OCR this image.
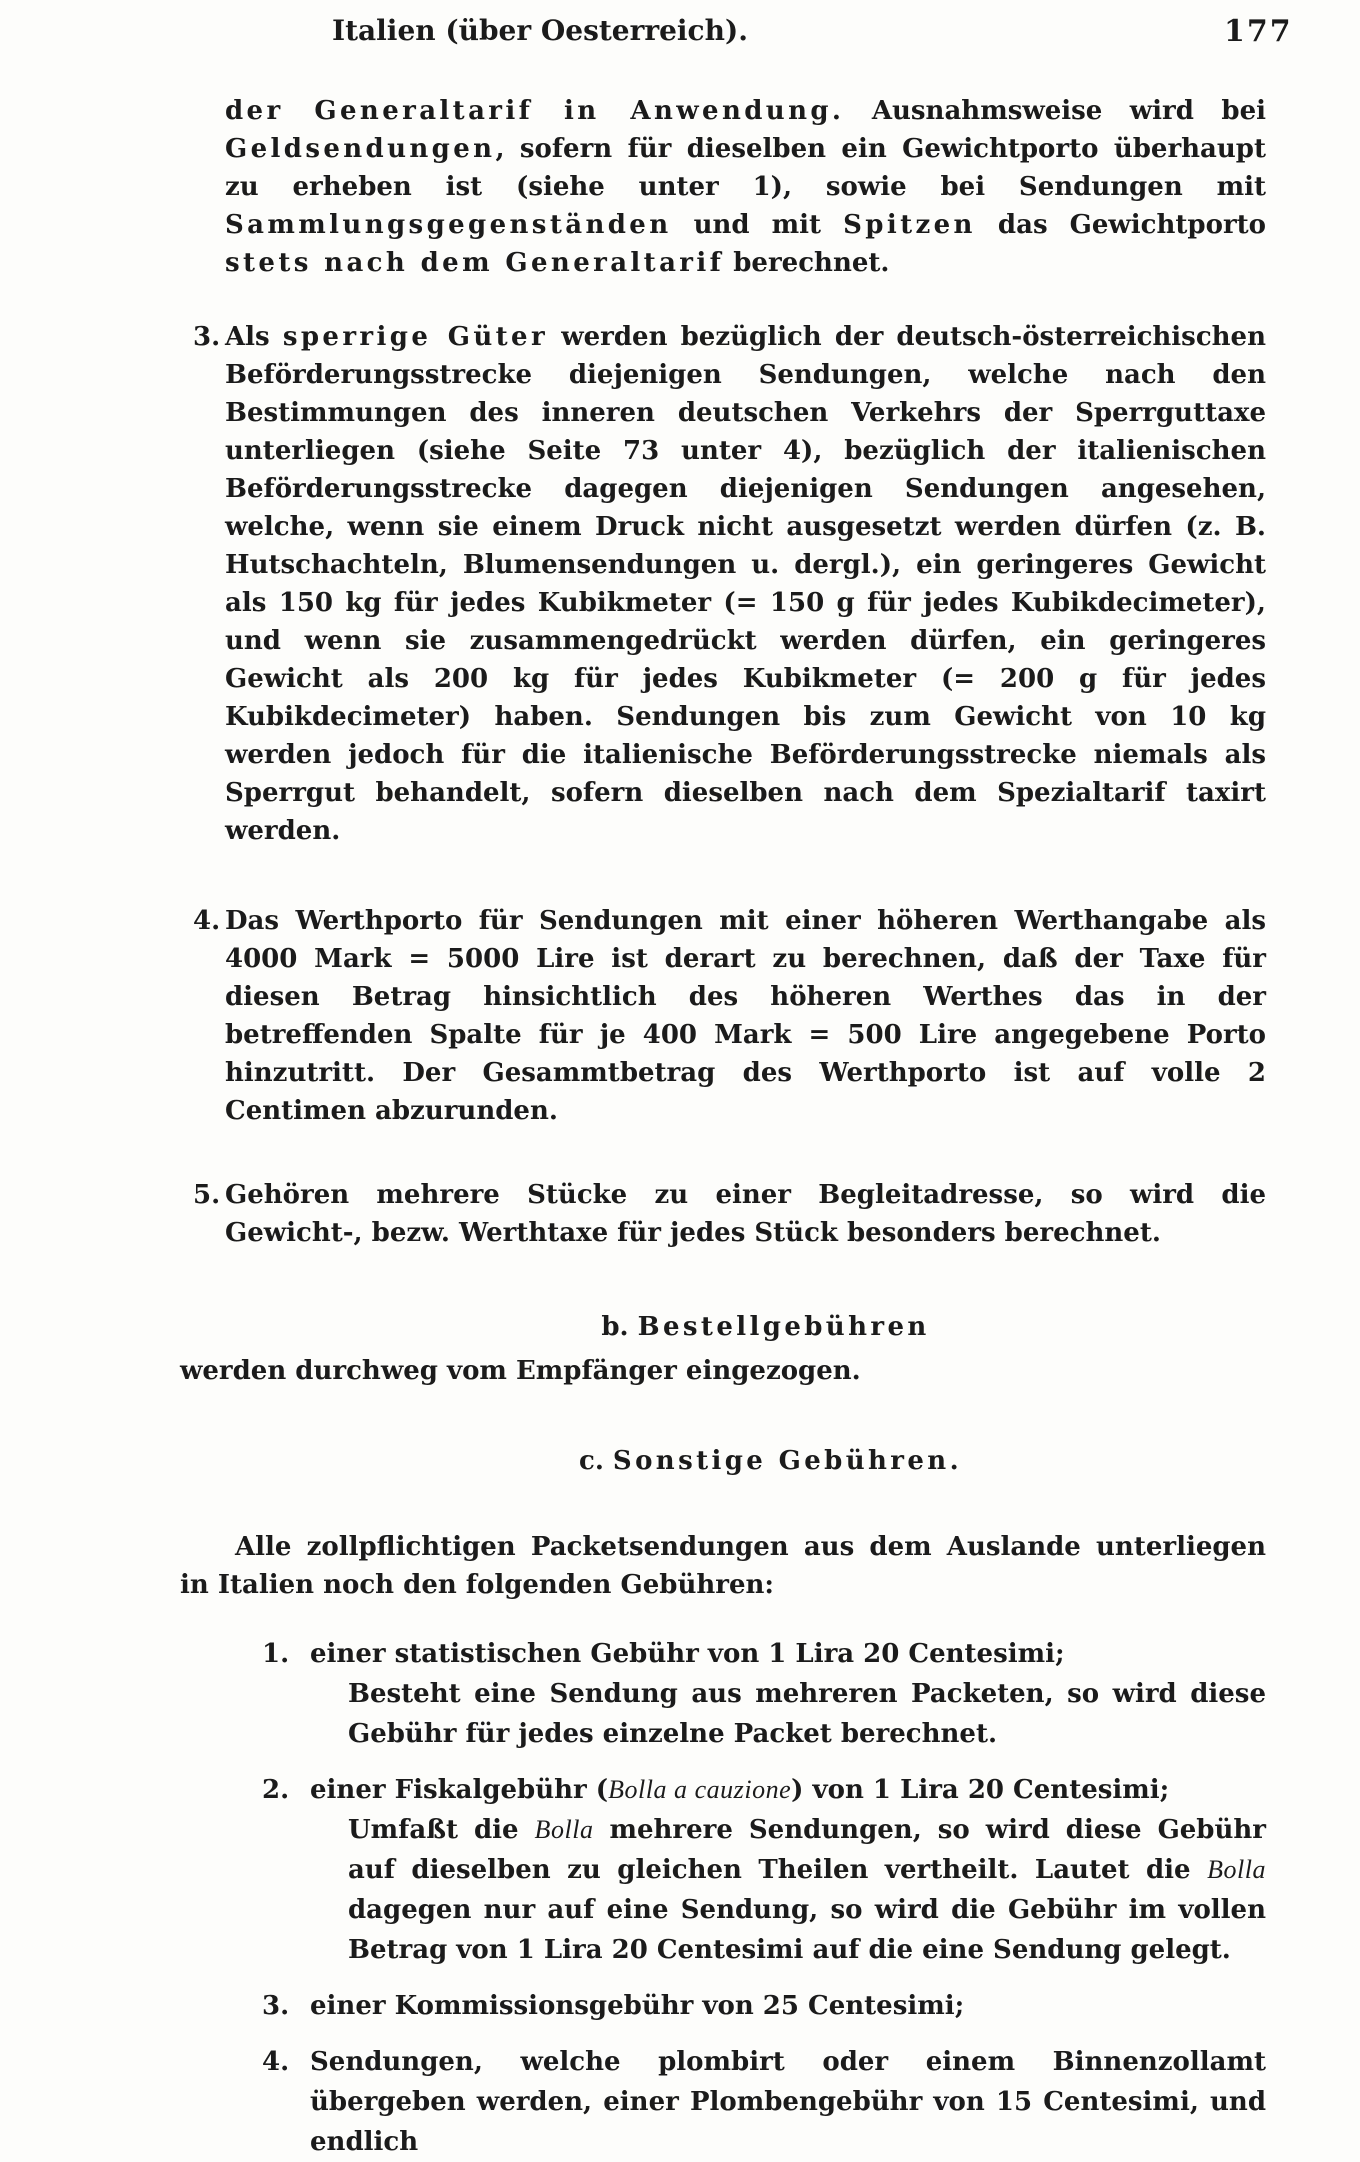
Italien (über Oesterreich).	177

der Generaltarif in Anwendung. Ausnahmsweise wird bei Geldsendungen, sofern für dieselben ein Gewichtporto überhaupt zu erheben ist (siehe unter 1), sowie bei Sendungen mit Sammlungsgegenständen und mit Spitzen das Gewichtporto stets nach dem Generaltarif berechnet.

3. Als sperrige Güter werden bezüglich der deutsch-österreichischen Beförderungsstrecke diejenigen Sendungen, welche nach den Bestimmungen des inneren deutschen Verkehrs der Sperrguttaxe unterliegen (siehe Seite 73 unter 4), bezüglich der italienischen Beförderungsstrecke dagegen diejenigen Sendungen angesehen, welche, wenn sie einem Druck nicht ausgesetzt werden dürfen (z. B. Hutschachteln, Blumensendungen u. dergl.), ein geringeres Gewicht als 150 kg für jedes Kubikmeter (= 150 g für jedes Kubikdecimeter), und wenn sie zusammengedrückt werden dürfen, ein geringeres Gewicht als 200 kg für jedes Kubikmeter (= 200 g für jedes Kubikdecimeter) haben. Sendungen bis zum Gewicht von 10 kg werden jedoch für die italienische Beförderungsstrecke niemals als Sperrgut behandelt, sofern dieselben nach dem Spezialtarif taxirt werden.

4. Das Werthporto für Sendungen mit einer höheren Werthangabe als 4000 Mark = 5000 Lire ist derart zu berechnen, daß der Taxe für diesen Betrag hinsichtlich des höheren Werthes das in der betreffenden Spalte für je 400 Mark = 500 Lire angegebene Porto hinzutritt. Der Gesammtbetrag des Werthporto ist auf volle 2 Centimen abzurunden.

5. Gehören mehrere Stücke zu einer Begleitadresse, so wird die Gewicht-, bezw. Werthtaxe für jedes Stück besonders berechnet.

b. Bestellgebühren

werden durchweg vom Empfänger eingezogen.

c. Sonstige Gebühren.

Alle zollpflichtigen Packetsendungen aus dem Auslande unterliegen in Italien noch den folgenden Gebühren:

1. einer statistischen Gebühr von 1 Lira 20 Centesimi;

Besteht eine Sendung aus mehreren Packeten, so wird diese Gebühr für jedes einzelne Packet berechnet.

2. einer Fiskalgebühr (Bolla a cauzione) von 1 Lira 20 Centesimi;

Umfaßt die Bolla mehrere Sendungen, so wird diese Gebühr auf dieselben zu gleichen Theilen vertheilt. Lautet die Bolla dagegen nur auf eine Sendung, so wird die Gebühr im vollen Betrag von 1 Lira 20 Centesimi auf die eine Sendung gelegt.

3. einer Kommissionsgebühr von 25 Centesimi;

4. Sendungen, welche plombirt oder einem Binnenzollamt übergeben werden, einer Plombengebühr von 15 Centesimi, und endlich
